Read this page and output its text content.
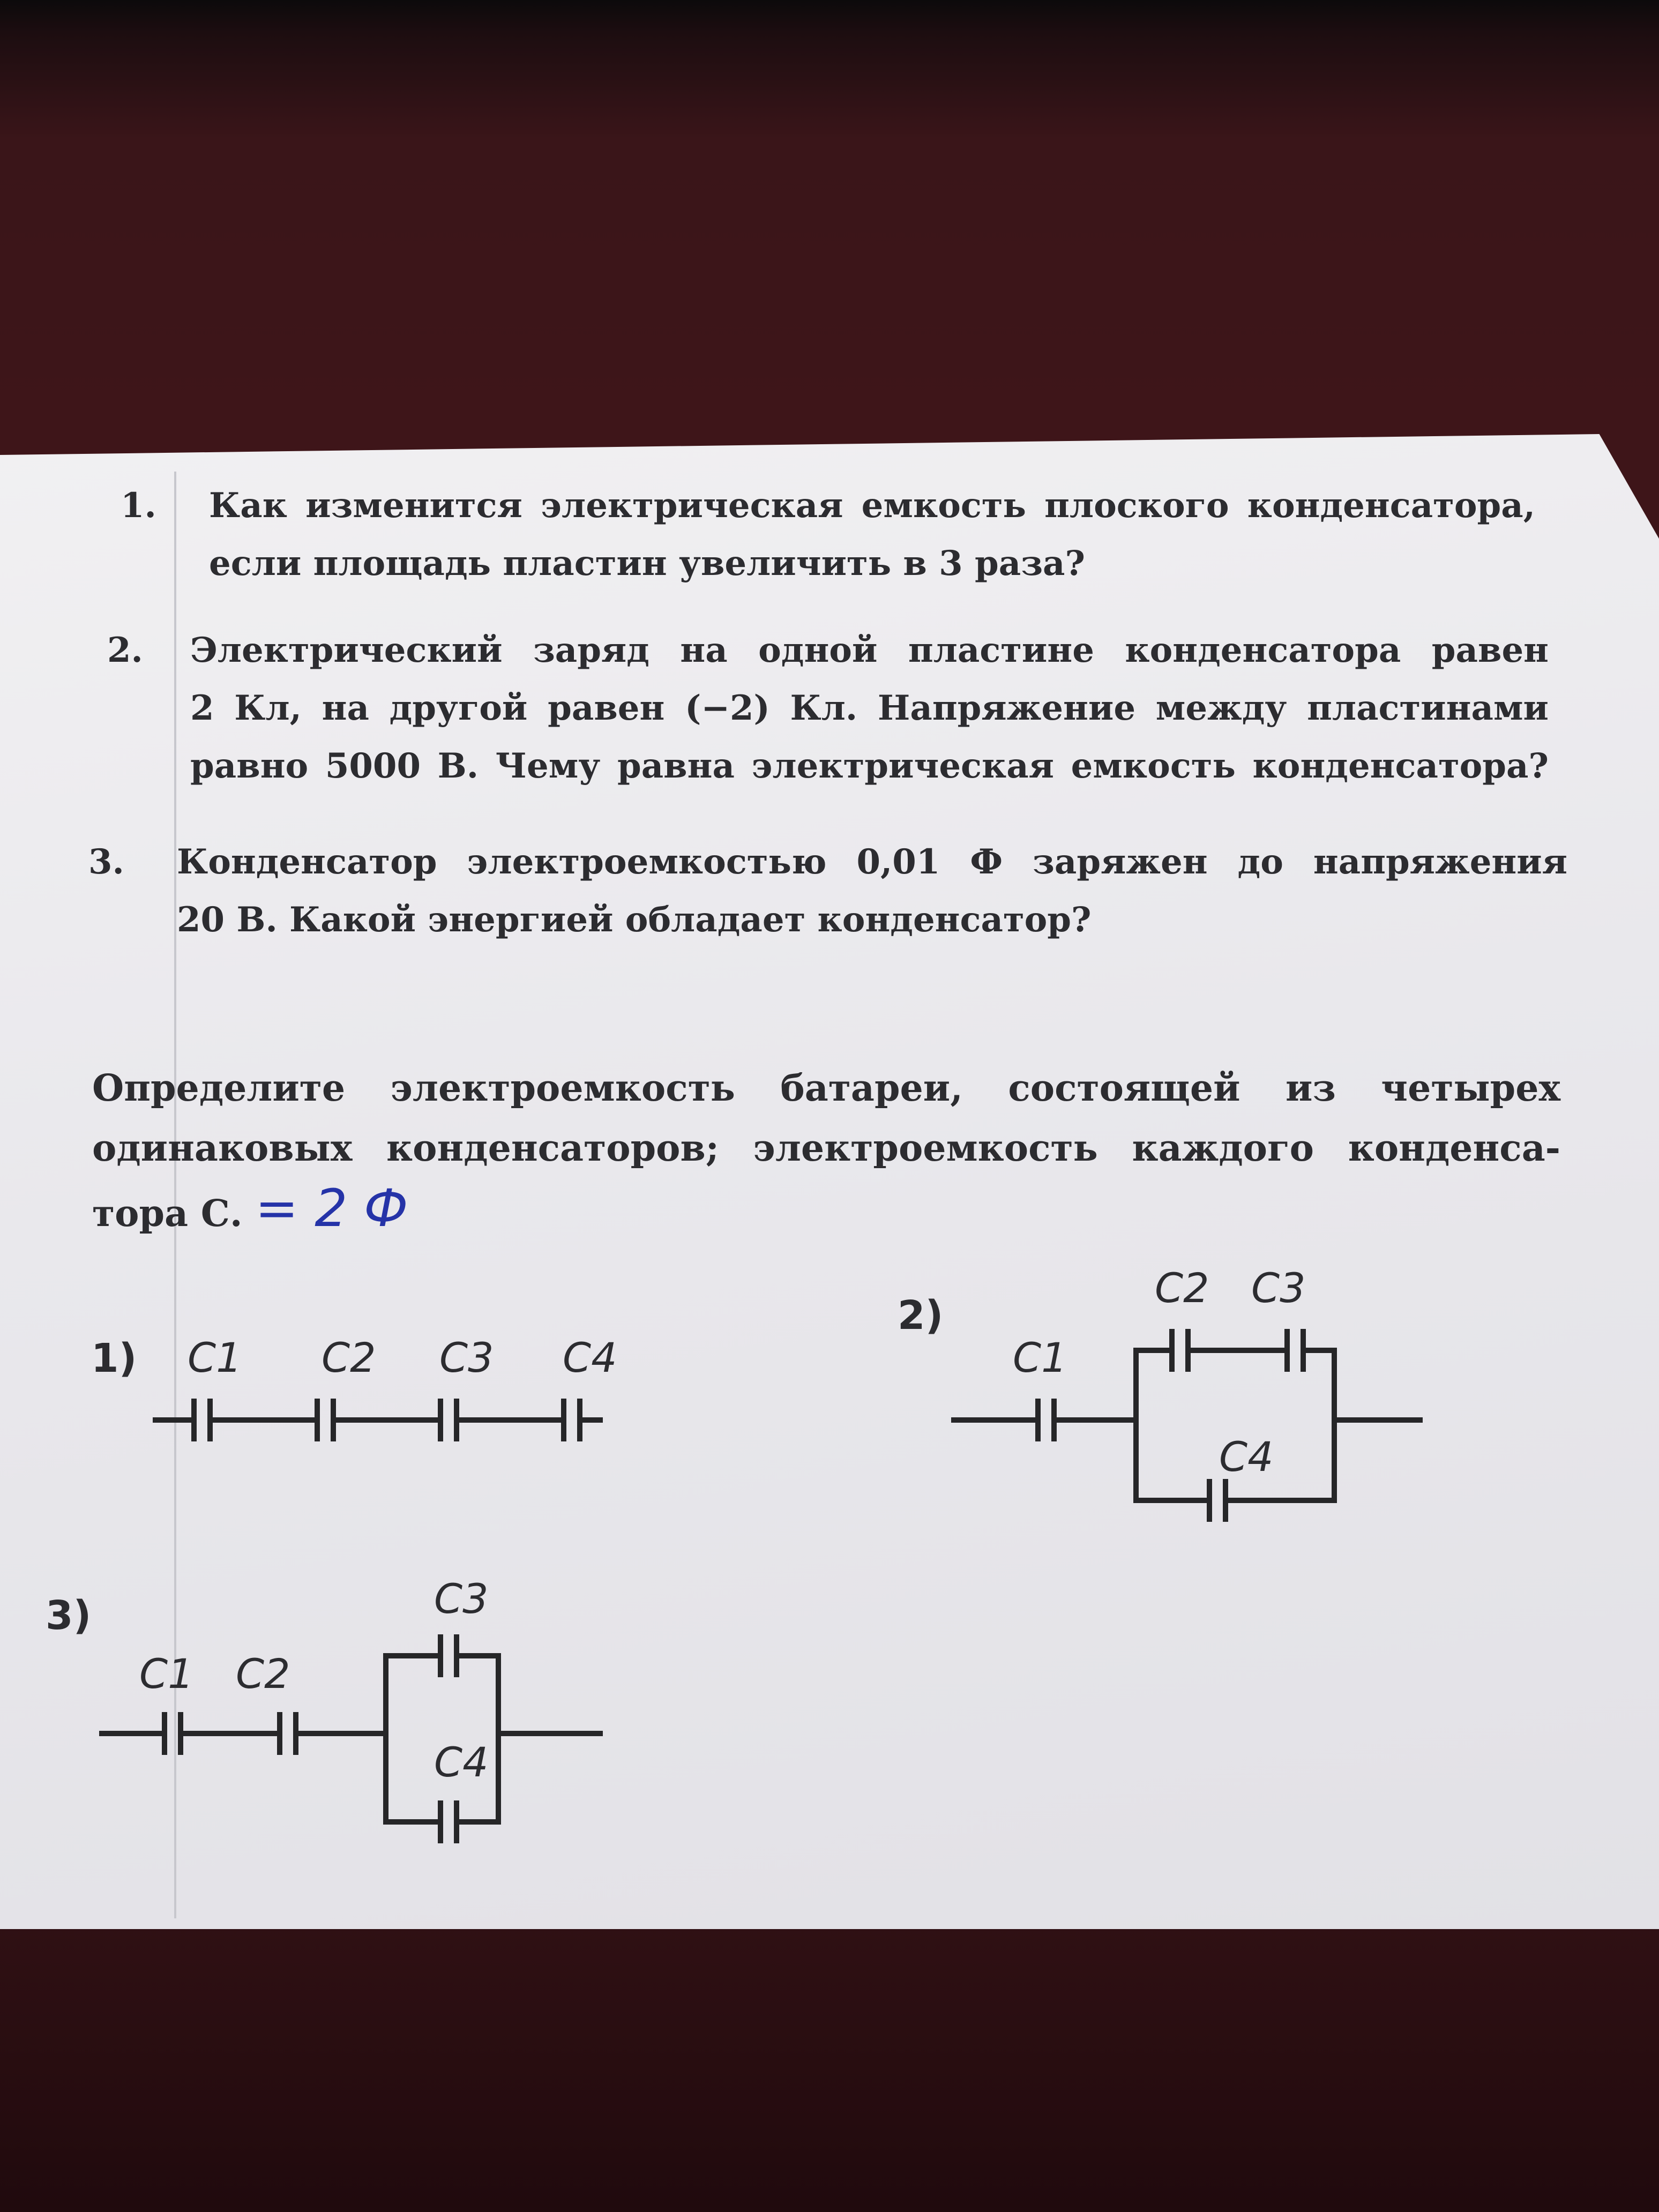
1. Как изменится электрическая емкость плоского конденсатора,
если площадь пластин увеличить в 3 раза?
2. Электрический заряд на одной пластине конденсатора равен
2 Кл, на другой равен (−2) Кл. Напряжение между пластинами
равно 5000 В. Чему равна электрическая емкость конденсатора?
3. Конденсатор электроемкостью 0,01 Ф заряжен до напряжения
20 В. Какой энергией обладает конденсатор?
Определите электроемкость батареи, состоящей из четырех
одинаковых конденсаторов; электроемкость каждого конденса-
тора С. = 2 Ф
1) C1 C2 C3 C4
2)
C1
C2 C3
C4
3)
C1 C2
C3
C4
